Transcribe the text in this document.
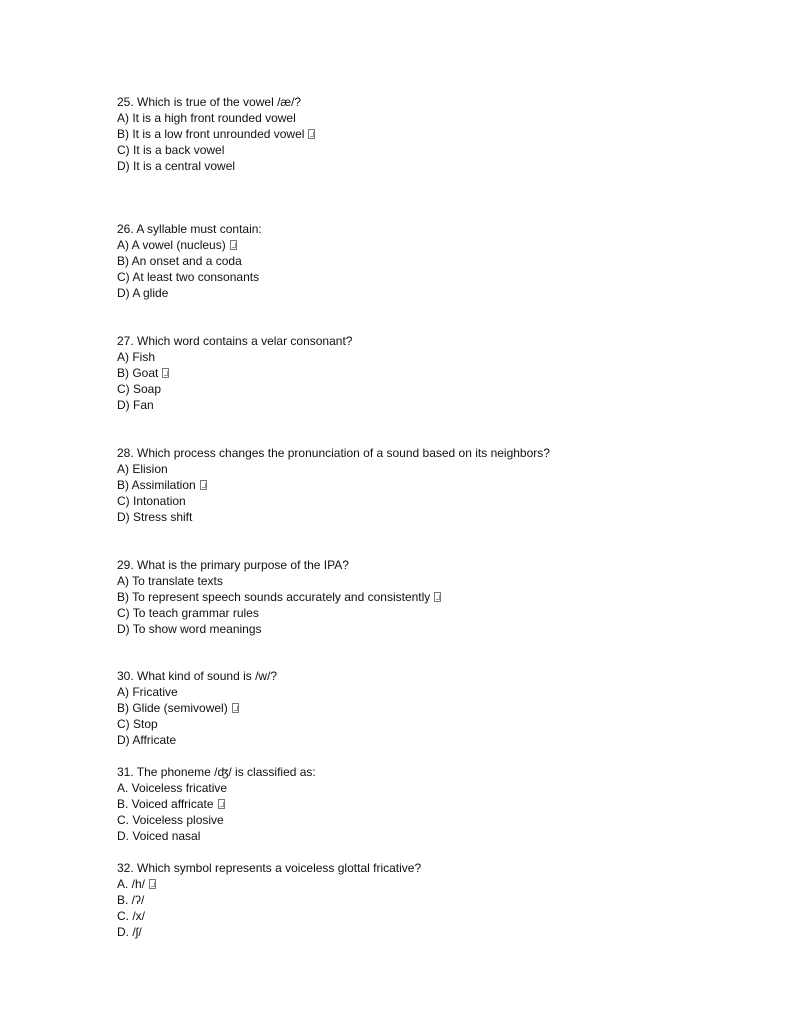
25. Which is true of the vowel /æ/?
A) It is a high front rounded vowel
B) It is a low front unrounded vowel
C) It is a back vowel
D) It is a central vowel
26. A syllable must contain:
A) A vowel (nucleus)
B) An onset and a coda
C) At least two consonants
D) A glide
27. Which word contains a velar consonant?
A) Fish
B) Goat
C) Soap
D) Fan
28. Which process changes the pronunciation of a sound based on its neighbors?
A) Elision
B) Assimilation
C) Intonation
D) Stress shift
29. What is the primary purpose of the IPA?
A) To translate texts
B) To represent speech sounds accurately and consistently
C) To teach grammar rules
D) To show word meanings
30. What kind of sound is /w/?
A) Fricative
B) Glide (semivowel)
C) Stop
D) Affricate
31. The phoneme /ʤ/ is classified as:
A. Voiceless fricative
B. Voiced affricate
C. Voiceless plosive
D. Voiced nasal
32. Which symbol represents a voiceless glottal fricative?
A. /h/
B. /ʔ/
C. /x/
D. /ʃ/
